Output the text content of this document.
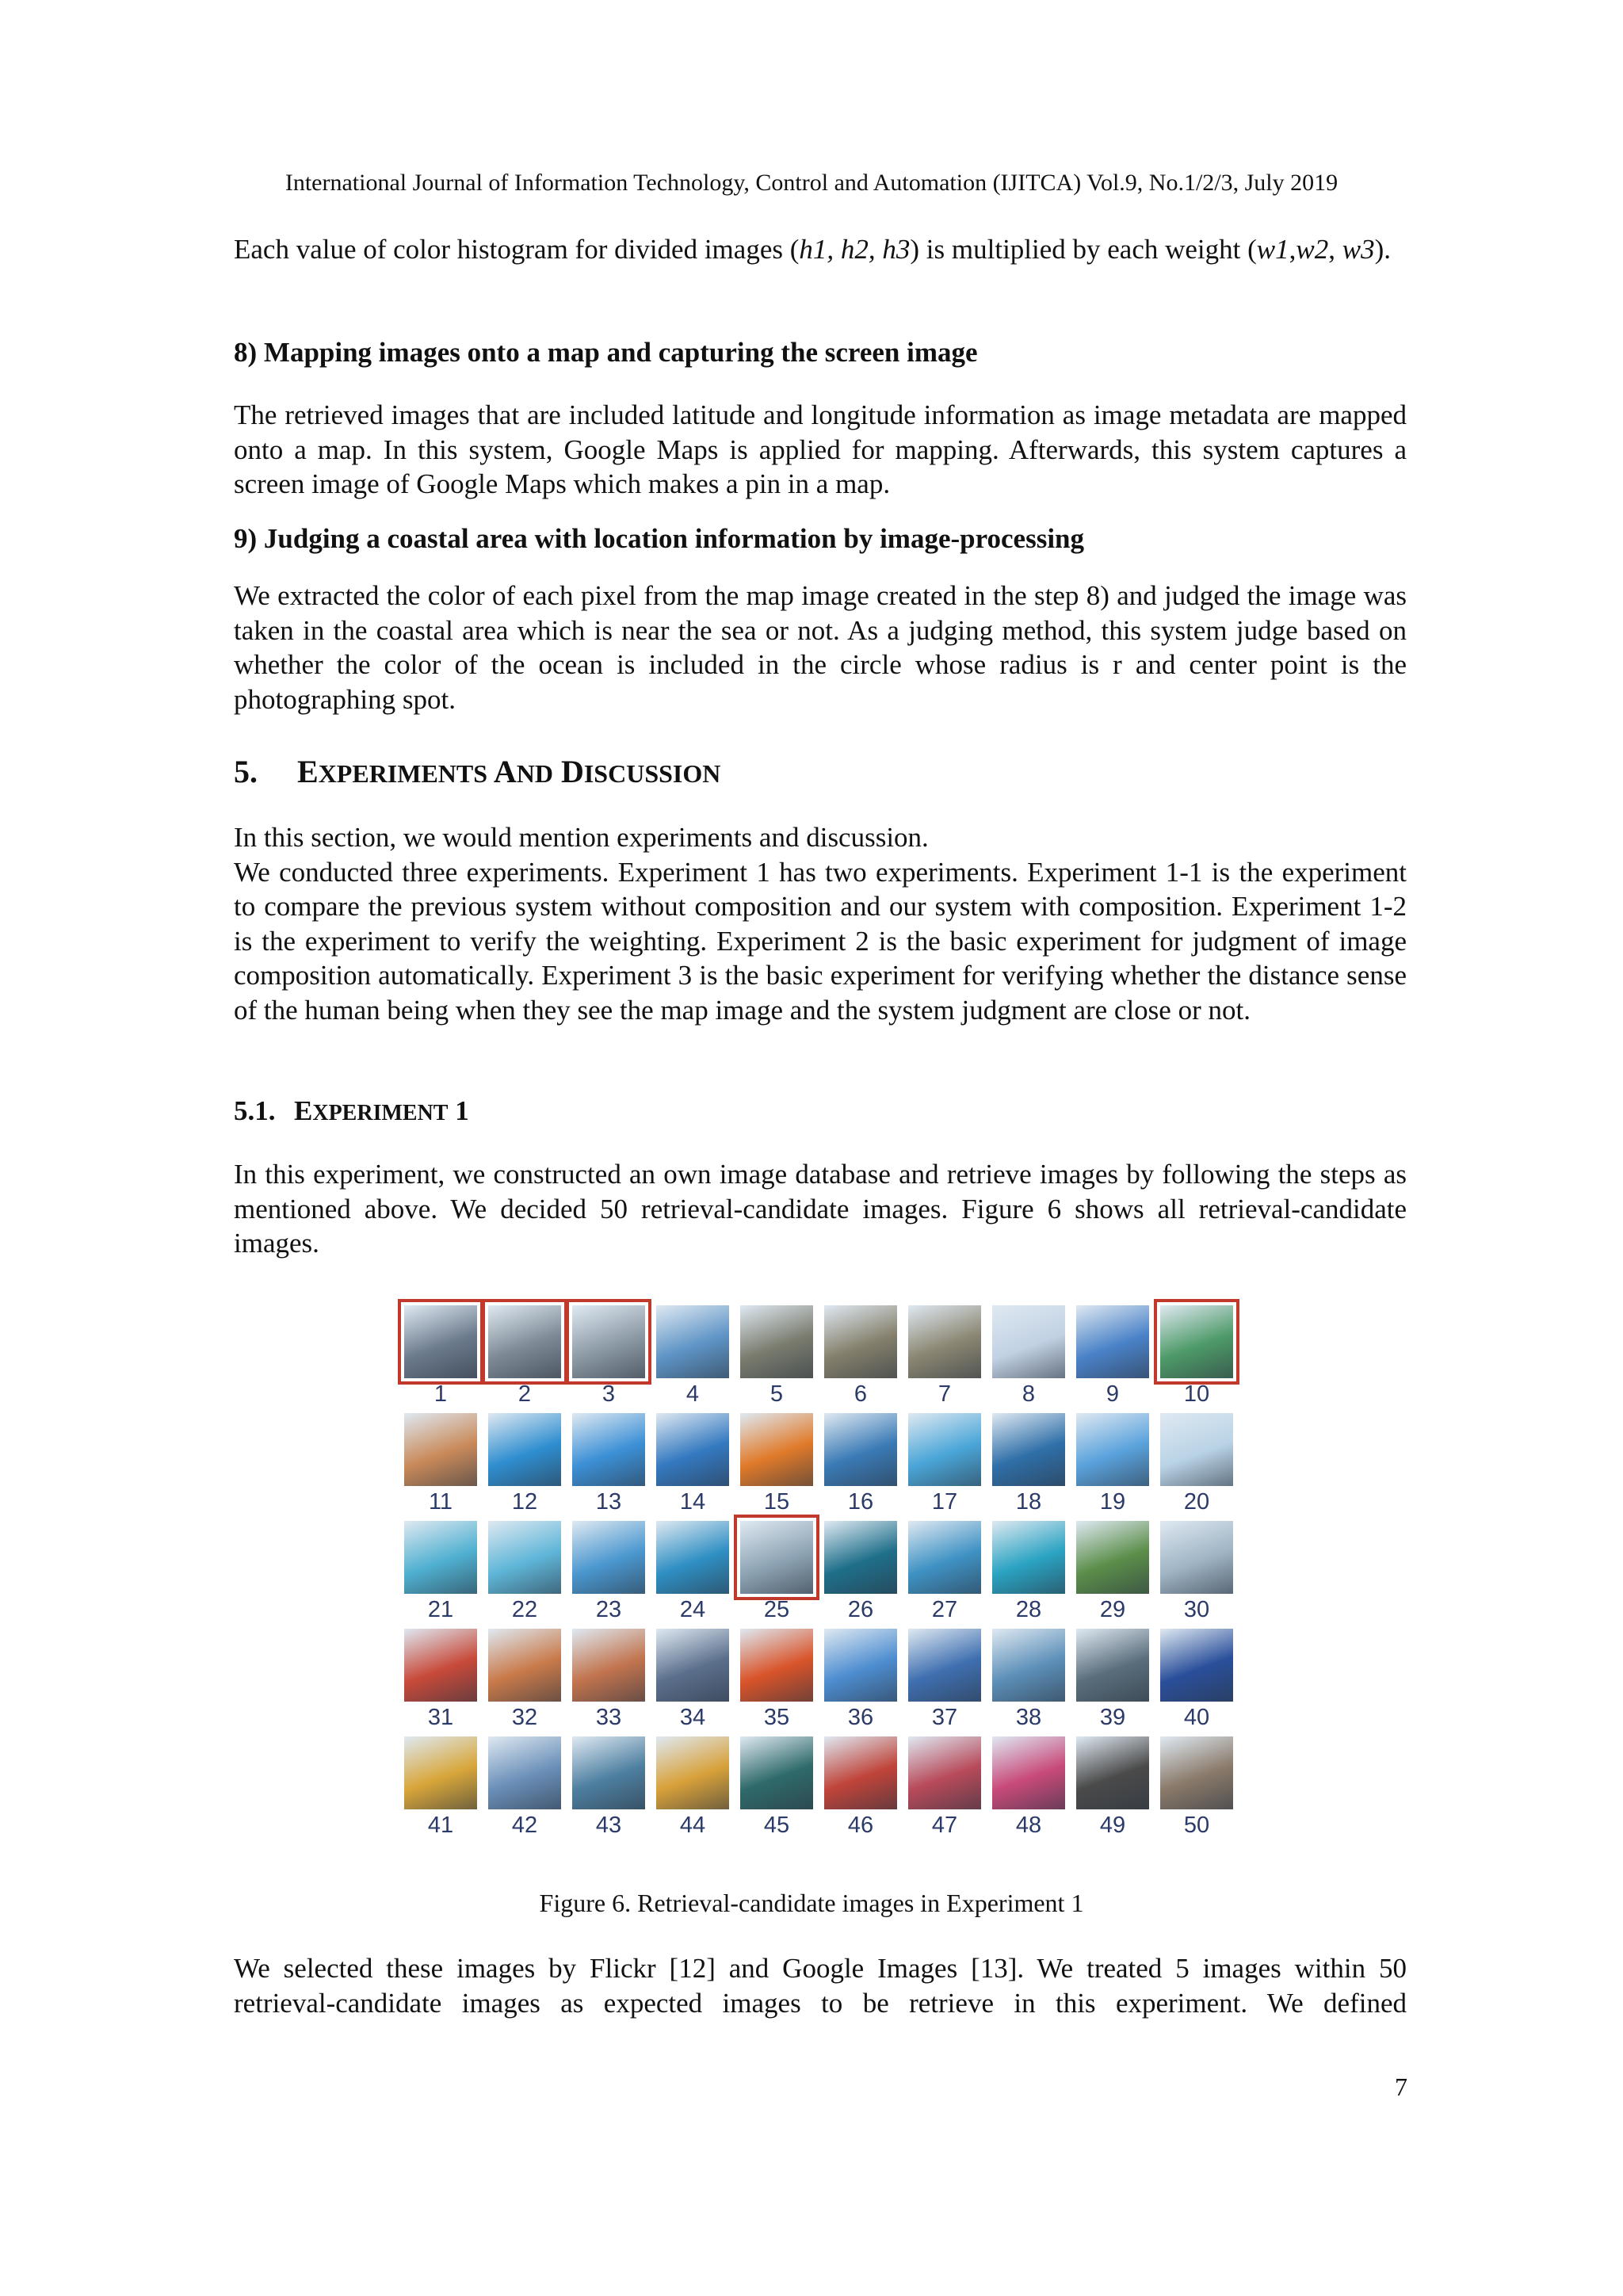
International Journal of Information Technology, Control and Automation (IJITCA) Vol.9, No.1/2/3, July 2019

Each value of color histogram for divided images (h1, h2, h3) is multiplied by each weight (w1,w2, w3).

8) Mapping images onto a map and capturing the screen image

The retrieved images that are included latitude and longitude information as image metadata are mapped onto a map. In this system, Google Maps is applied for mapping. Afterwards, this system captures a screen image of Google Maps which makes a pin in a map.

9) Judging a coastal area with location information by image-processing

We extracted the color of each pixel from the map image created in the step 8) and judged the image was taken in the coastal area which is near the sea or not. As a judging method, this system judge based on whether the color of the ocean is included in the circle whose radius is r and center point is the photographing spot.

5. EXPERIMENTS AND DISCUSSION

In this section, we would mention experiments and discussion.

We conducted three experiments. Experiment 1 has two experiments. Experiment 1-1 is the experiment to compare the previous system without composition and our system with composition. Experiment 1-2 is the experiment to verify the weighting. Experiment 2 is the basic experiment for judgment of image composition automatically. Experiment 3 is the basic experiment for verifying whether the distance sense of the human being when they see the map image and the system judgment are close or not.

5.1. EXPERIMENT 1

In this experiment, we constructed an own image database and retrieve images by following the steps as mentioned above. We decided 50 retrieval-candidate images. Figure 6 shows all retrieval-candidate images.

1	2	3	4	5	6	7	8	9	10
11	12	13	14	15	16	17	18	19	20
21	22	23	24	25	26	27	28	29	30
31	32	33	34	35	36	37	38	39	40
41	42	43	44	45	46	47	48	49	50
Figure 6. Retrieval-candidate images in Experiment 1

We selected these images by Flickr [12] and Google Images [13]. We treated 5 images within 50 retrieval-candidate images as expected images to be retrieve in this experiment. We defined

7
